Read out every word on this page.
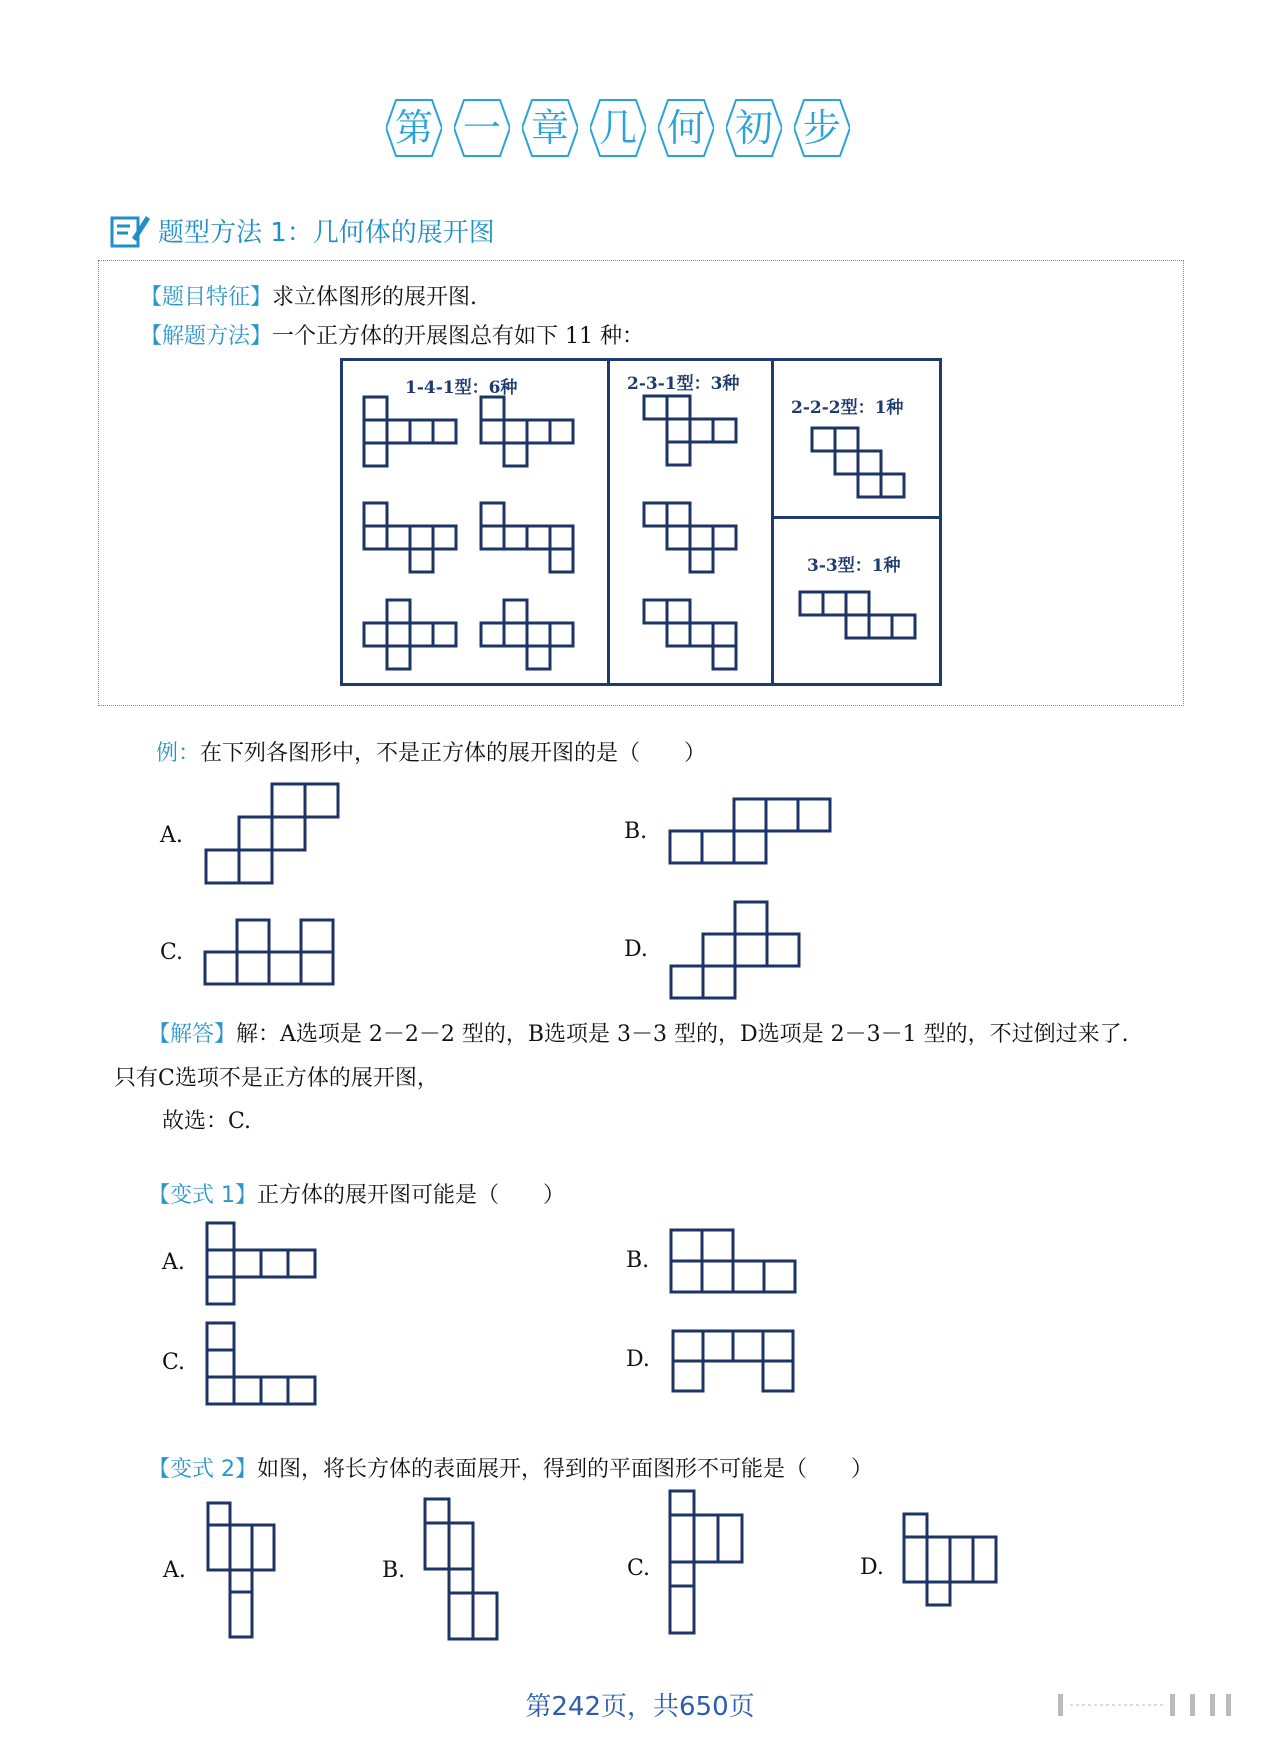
第 一 章 几 何 初 步
题型方法 1：几何体的展开图
【题目特征】求立体图形的展开图.
【解题方法】一个正方体的开展图总有如下 11 种：
1-4-1型：6种	2-3-1型：3种
2-2-2型：1种
3-3型：1种
例：在下列各图形中，不是正方体的展开图的是（　　）
A.	B.
C.	D.
【解答】解：A选项是 2－2－2 型的，B选项是 3－3 型的，D选项是 2－3－1 型的，不过倒过来了.
只有C选项不是正方体的展开图，
故选：C.
【变式 1】正方体的展开图可能是（　　）
A.	B.
C.	D.
【变式 2】如图，将长方体的表面展开，得到的平面图形不可能是（　　）
A.	B.	C.	D.
第242页，共650页
